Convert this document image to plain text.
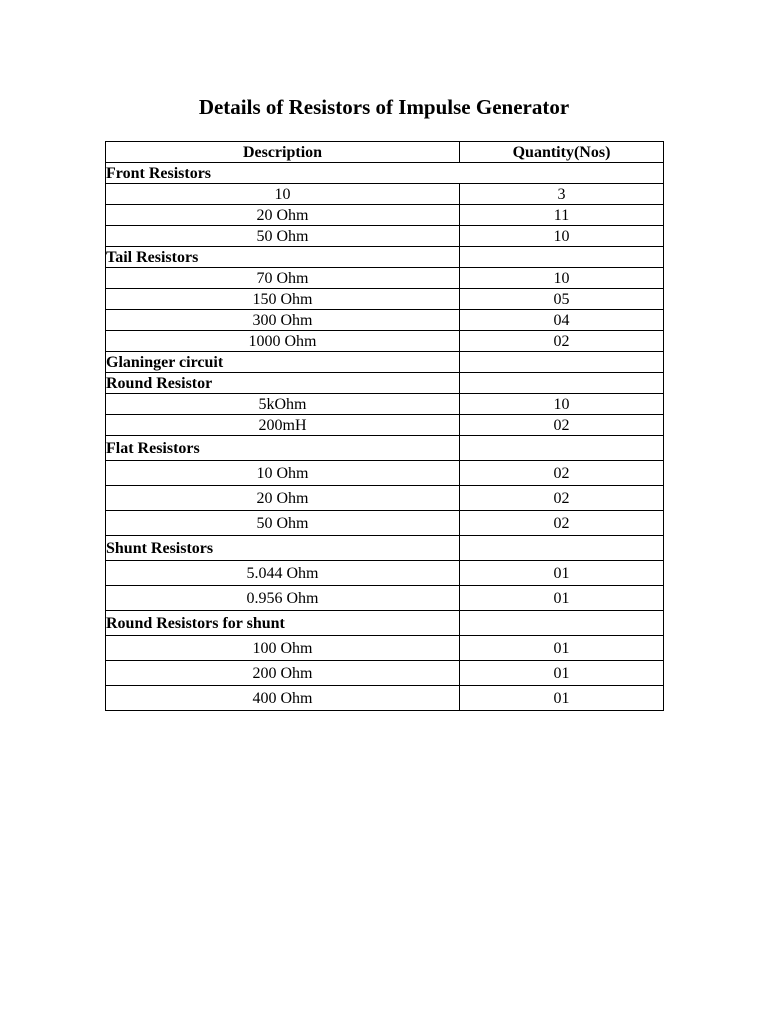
Details of Resistors of Impulse Generator
Description	Quantity(Nos)
Front Resistors	
10	3
20 Ohm	11
50 Ohm	10
Tail Resistors	
70 Ohm	10
150 Ohm	05
300 Ohm	04
1000 Ohm	02
Glaninger circuit	
Round Resistor	
5kOhm	10
200mH	02
Flat Resistors	
10 Ohm	02
20 Ohm	02
50 Ohm	02
Shunt Resistors	
5.044 Ohm	01
0.956 Ohm	01
Round Resistors for shunt	
100 Ohm	01
200 Ohm	01
400 Ohm	01
